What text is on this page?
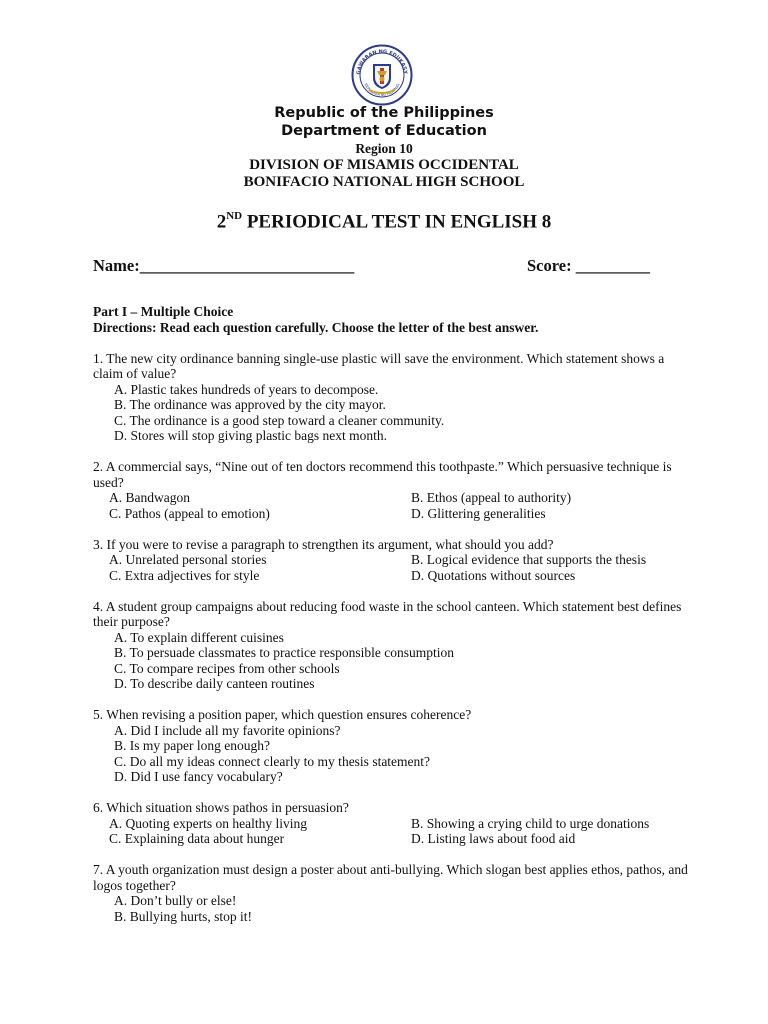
GAWARAN NG EDUKASY
REPUBLIKA NG PILIPINAS
Republic of the Philippines
Department of Education
Region 10
DIVISION OF MISAMIS OCCIDENTAL
BONIFACIO NATIONAL HIGH SCHOOL
2ND PERIODICAL TEST IN ENGLISH 8
Name:__________________________	Score: _________
Part I – Multiple Choice
Directions: Read each question carefully. Choose the letter of the best answer.
1. The new city ordinance banning single-use plastic will save the environment. Which statement shows a claim of value?
A. Plastic takes hundreds of years to decompose.
B. The ordinance was approved by the city mayor.
C. The ordinance is a good step toward a cleaner community.
D. Stores will stop giving plastic bags next month.
2. A commercial says, “Nine out of ten doctors recommend this toothpaste.” Which persuasive technique is used?
A. Bandwagon	B. Ethos (appeal to authority)
C. Pathos (appeal to emotion)	D. Glittering generalities
3. If you were to revise a paragraph to strengthen its argument, what should you add?
A. Unrelated personal stories	B. Logical evidence that supports the thesis
C. Extra adjectives for style	D. Quotations without sources
4. A student group campaigns about reducing food waste in the school canteen. Which statement best defines their purpose?
A. To explain different cuisines
B. To persuade classmates to practice responsible consumption
C. To compare recipes from other schools
D. To describe daily canteen routines
5. When revising a position paper, which question ensures coherence?
A. Did I include all my favorite opinions?
B. Is my paper long enough?
C. Do all my ideas connect clearly to my thesis statement?
D. Did I use fancy vocabulary?
6. Which situation shows pathos in persuasion?
A. Quoting experts on healthy living	B. Showing a crying child to urge donations
C. Explaining data about hunger	D. Listing laws about food aid
7. A youth organization must design a poster about anti-bullying. Which slogan best applies ethos, pathos, and logos together?
A. Don’t bully or else!
B. Bullying hurts, stop it!
